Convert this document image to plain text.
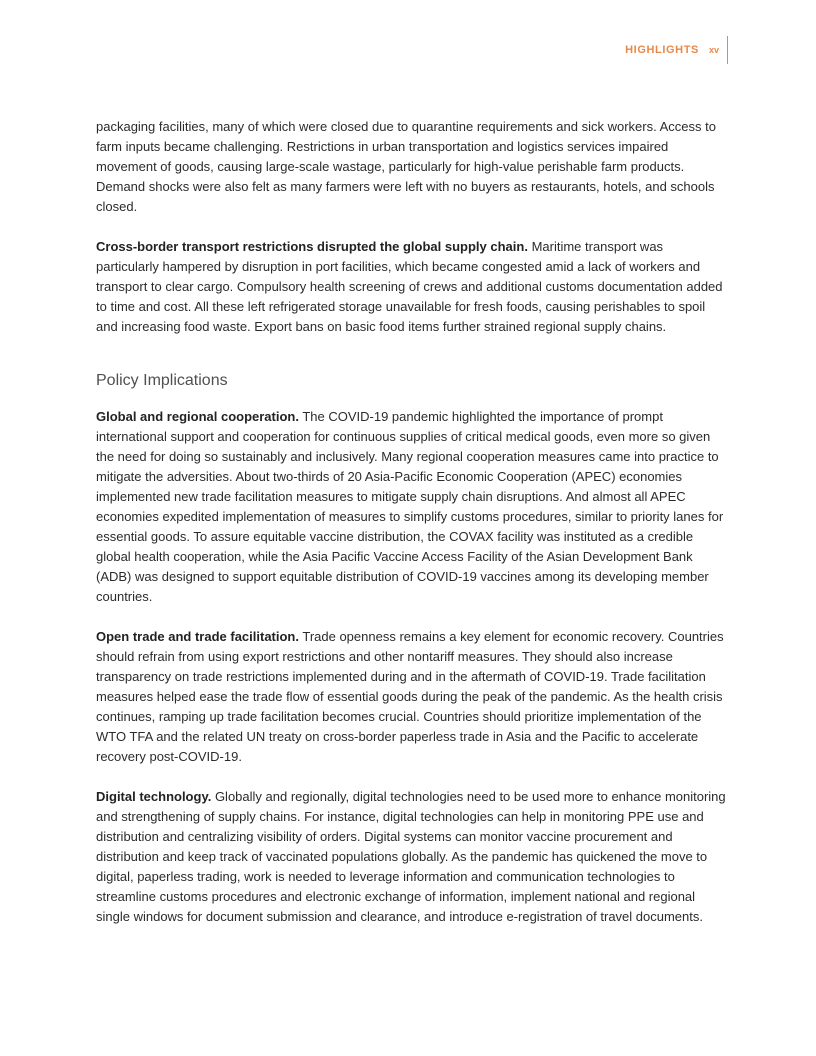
HIGHLIGHTS xv

packaging facilities, many of which were closed due to quarantine requirements and sick workers. Access to farm inputs became challenging. Restrictions in urban transportation and logistics services impaired movement of goods, causing large-scale wastage, particularly for high-value perishable farm products. Demand shocks were also felt as many farmers were left with no buyers as restaurants, hotels, and schools closed.

Cross-border transport restrictions disrupted the global supply chain. Maritime transport was particularly hampered by disruption in port facilities, which became congested amid a lack of workers and transport to clear cargo. Compulsory health screening of crews and additional customs documentation added to time and cost. All these left refrigerated storage unavailable for fresh foods, causing perishables to spoil and increasing food waste. Export bans on basic food items further strained regional supply chains.

Policy Implications

Global and regional cooperation. The COVID-19 pandemic highlighted the importance of prompt international support and cooperation for continuous supplies of critical medical goods, even more so given the need for doing so sustainably and inclusively. Many regional cooperation measures came into practice to mitigate the adversities. About two-thirds of 20 Asia-Pacific Economic Cooperation (APEC) economies implemented new trade facilitation measures to mitigate supply chain disruptions. And almost all APEC economies expedited implementation of measures to simplify customs procedures, similar to priority lanes for essential goods. To assure equitable vaccine distribution, the COVAX facility was instituted as a credible global health cooperation, while the Asia Pacific Vaccine Access Facility of the Asian Development Bank (ADB) was designed to support equitable distribution of COVID-19 vaccines among its developing member countries.

Open trade and trade facilitation. Trade openness remains a key element for economic recovery. Countries should refrain from using export restrictions and other nontariff measures. They should also increase transparency on trade restrictions implemented during and in the aftermath of COVID-19. Trade facilitation measures helped ease the trade flow of essential goods during the peak of the pandemic. As the health crisis continues, ramping up trade facilitation becomes crucial. Countries should prioritize implementation of the WTO TFA and the related UN treaty on cross-border paperless trade in Asia and the Pacific to accelerate recovery post-COVID-19.

Digital technology. Globally and regionally, digital technologies need to be used more to enhance monitoring and strengthening of supply chains. For instance, digital technologies can help in monitoring PPE use and distribution and centralizing visibility of orders. Digital systems can monitor vaccine procurement and distribution and keep track of vaccinated populations globally. As the pandemic has quickened the move to digital, paperless trading, work is needed to leverage information and communication technologies to streamline customs procedures and electronic exchange of information, implement national and regional single windows for document submission and clearance, and introduce e-registration of travel documents.
